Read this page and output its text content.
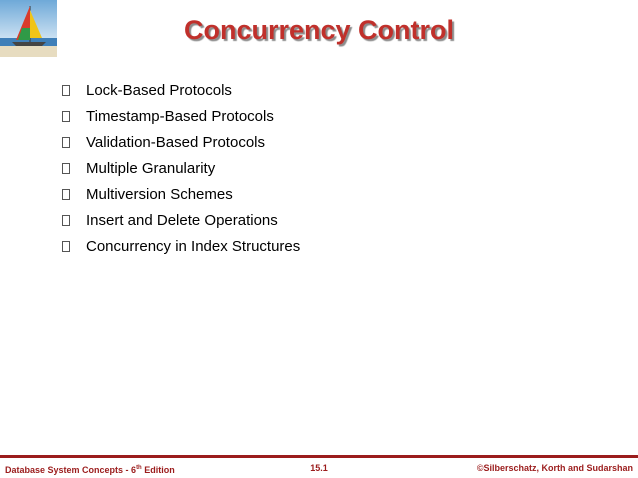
Concurrency Control
Lock-Based Protocols
Timestamp-Based Protocols
Validation-Based Protocols
Multiple Granularity
Multiversion Schemes
Insert and Delete Operations
Concurrency in Index Structures
Database System Concepts - 6th Edition	15.1	©Silberschatz, Korth and Sudarshan
